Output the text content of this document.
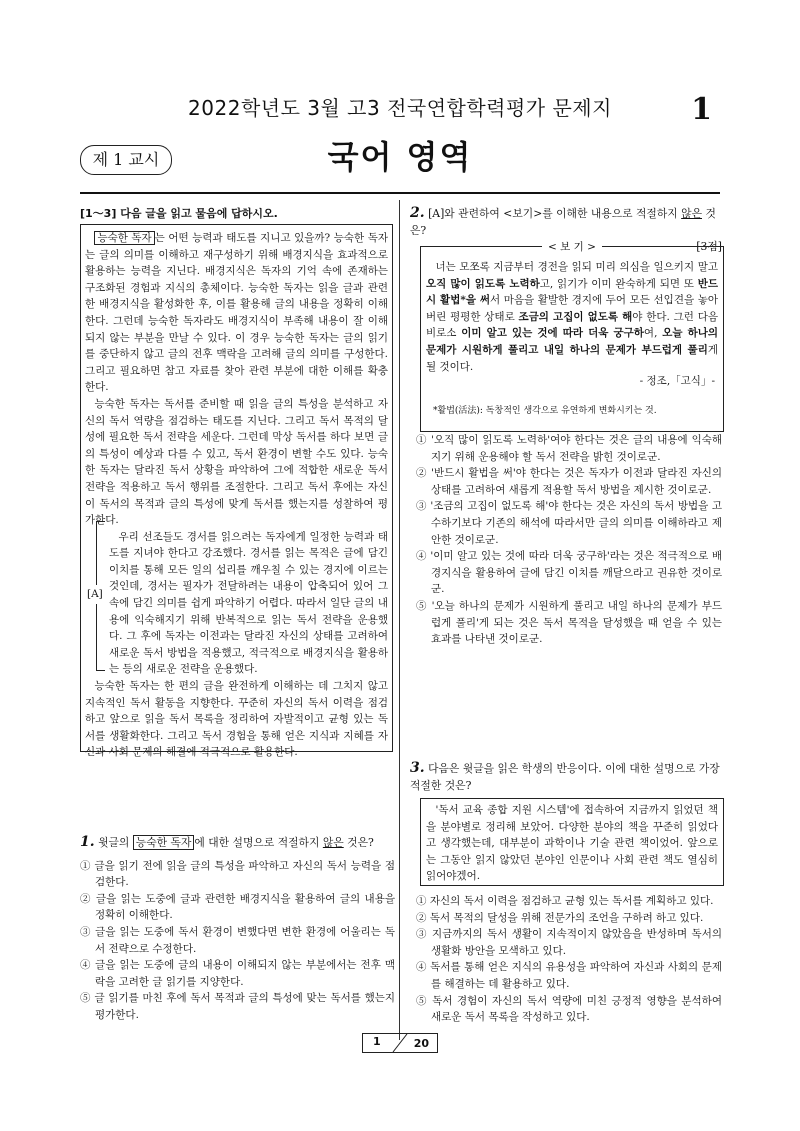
2022학년도 3월 고3 전국연합학력평가 문제지	1
제 1 교시	국어 영역
[1～3] 다음 글을 읽고 물음에 답하시오.

능숙한 독자 는 어떤 능력과 태도를 지니고 있을까? 능숙한 독자는 글의 의미를 이해하고 재구성하기 위해 배경지식을 효과적으로 활용하는 능력을 지닌다. 배경지식은 독자의 기억 속에 존재하는 구조화된 경험과 지식의 총체이다. 능숙한 독자는 읽을 글과 관련한 배경지식을 활성화한 후, 이를 활용해 글의 내용을 정확히 이해한다. 그런데 능숙한 독자라도 배경지식이 부족해 내용이 잘 이해되지 않는 부분을 만날 수 있다. 이 경우 능숙한 독자는 글의 읽기를 중단하지 않고 글의 전후 맥락을 고려해 글의 의미를 구성한다. 그리고 필요하면 참고 자료를 찾아 관련 부분에 대한 이해를 확충한다.

능숙한 독자는 독서를 준비할 때 읽을 글의 특성을 분석하고 자신의 독서 역량을 점검하는 태도를 지닌다. 그리고 독서 목적의 달성에 필요한 독서 전략을 세운다. 그런데 막상 독서를 하다 보면 글의 특성이 예상과 다를 수 있고, 독서 환경이 변할 수도 있다. 능숙한 독자는 달라진 독서 상황을 파악하여 그에 적합한 새로운 독서 전략을 적용하고 독서 행위를 조절한다. 그리고 독서 후에는 자신이 독서의 목적과 글의 특성에 맞게 독서를 했는지를 성찰하여 평가한다.

우리 선조들도 경서를 읽으려는 독자에게 일정한 능력과 태도를 지녀야 한다고 강조했다. 경서를 읽는 목적은 글에 담긴 이치를 통해 모든 일의 섭리를 깨우칠 수 있는 경지에 이르는 것인데, 경서는 필자가 전달하려는 내용이 압축되어 있어 그 속에 담긴 의미를 쉽게 파악하기 어렵다. 따라서 일단 글의 내용에 익숙해지기 위해 반복적으로 읽는 독서 전략을 운용했다. 그 후에 독자는 이전과는 달라진 자신의 상태를 고려하여 새로운 독서 방법을 적용했고, 적극적으로 배경지식을 활용하는 등의 새로운 전략을 운용했다.

능숙한 독자는 한 편의 글을 완전하게 이해하는 데 그치지 않고 지속적인 독서 활동을 지향한다. 꾸준히 자신의 독서 이력을 점검하고 앞으로 읽을 독서 목록을 정리하여 자발적이고 균형 있는 독서를 생활화한다. 그리고 독서 경험을 통해 얻은 지식과 지혜를 자신과 사회 문제의 해결에 적극적으로 활용한다.

[A]
1. 윗글의 능숙한 독자 에 대한 설명으로 적절하지 않은 것은?
① 글을 읽기 전에 읽을 글의 특성을 파악하고 자신의 독서 능력을 점검한다.
② 글을 읽는 도중에 글과 관련한 배경지식을 활용하여 글의 내용을 정확히 이해한다.
③ 글을 읽는 도중에 독서 환경이 변했다면 변한 환경에 어울리는 독서 전략으로 수정한다.
④ 글을 읽는 도중에 글의 내용이 이해되지 않는 부분에서는 전후 맥락을 고려한 글 읽기를 지양한다.
⑤ 글 읽기를 마친 후에 독서 목적과 글의 특성에 맞는 독서를 했는지 평가한다.
2. [A]와 관련하여 <보기>를 이해한 내용으로 적절하지 않은 것은?
[3점]
< 보 기 >
너는 모쪼록 지금부터 경전을 읽되 미리 의심을 일으키지 말고 오직 많이 읽도록 노력하고, 읽기가 이미 완숙하게 되면 또 반드시 활법*을 써서 마음을 활발한 경지에 두어 모든 선입견을 놓아 버린 평평한 상태로 조금의 고집이 없도록 해야 한다. 그런 다음 비로소 이미 알고 있는 것에 따라 더욱 궁구하여, 오늘 하나의 문제가 시원하게 풀리고 내일 하나의 문제가 부드럽게 풀리게 될 것이다.
- 정조,「고식」-
*활법(活法): 독창적인 생각으로 유연하게 변화시키는 것.
① '오직 많이 읽도록 노력하'여야 한다는 것은 글의 내용에 익숙해지기 위해 운용해야 할 독서 전략을 밝힌 것이로군.
② '반드시 활법을 써'야 한다는 것은 독자가 이전과 달라진 자신의 상태를 고려하여 새롭게 적용할 독서 방법을 제시한 것이로군.
③ '조금의 고집이 없도록 해'야 한다는 것은 자신의 독서 방법을 고수하기보다 기존의 해석에 따라서만 글의 의미를 이해하라고 제안한 것이로군.
④ '이미 알고 있는 것에 따라 더욱 궁구하'라는 것은 적극적으로 배경지식을 활용하여 글에 담긴 이치를 깨달으라고 권유한 것이로군.
⑤ '오늘 하나의 문제가 시원하게 풀리고 내일 하나의 문제가 부드럽게 풀리'게 되는 것은 독서 목적을 달성했을 때 얻을 수 있는 효과를 나타낸 것이로군.
3. 다음은 윗글을 읽은 학생의 반응이다. 이에 대한 설명으로 가장 적절한 것은?
'독서 교육 종합 지원 시스템'에 접속하여 지금까지 읽었던 책을 분야별로 정리해 보았어. 다양한 분야의 책을 꾸준히 읽었다고 생각했는데, 대부분이 과학이나 기술 관련 책이었어. 앞으로는 그동안 읽지 않았던 분야인 인문이나 사회 관련 책도 열심히 읽어야겠어.
① 자신의 독서 이력을 점검하고 균형 있는 독서를 계획하고 있다.
② 독서 목적의 달성을 위해 전문가의 조언을 구하려 하고 있다.
③ 지금까지의 독서 생활이 지속적이지 않았음을 반성하며 독서의 생활화 방안을 모색하고 있다.
④ 독서를 통해 얻은 지식의 유용성을 파악하여 자신과 사회의 문제를 해결하는 데 활용하고 있다.
⑤ 독서 경험이 자신의 독서 역량에 미친 긍정적 영향을 분석하여 새로운 독서 목록을 작성하고 있다.
1	20
